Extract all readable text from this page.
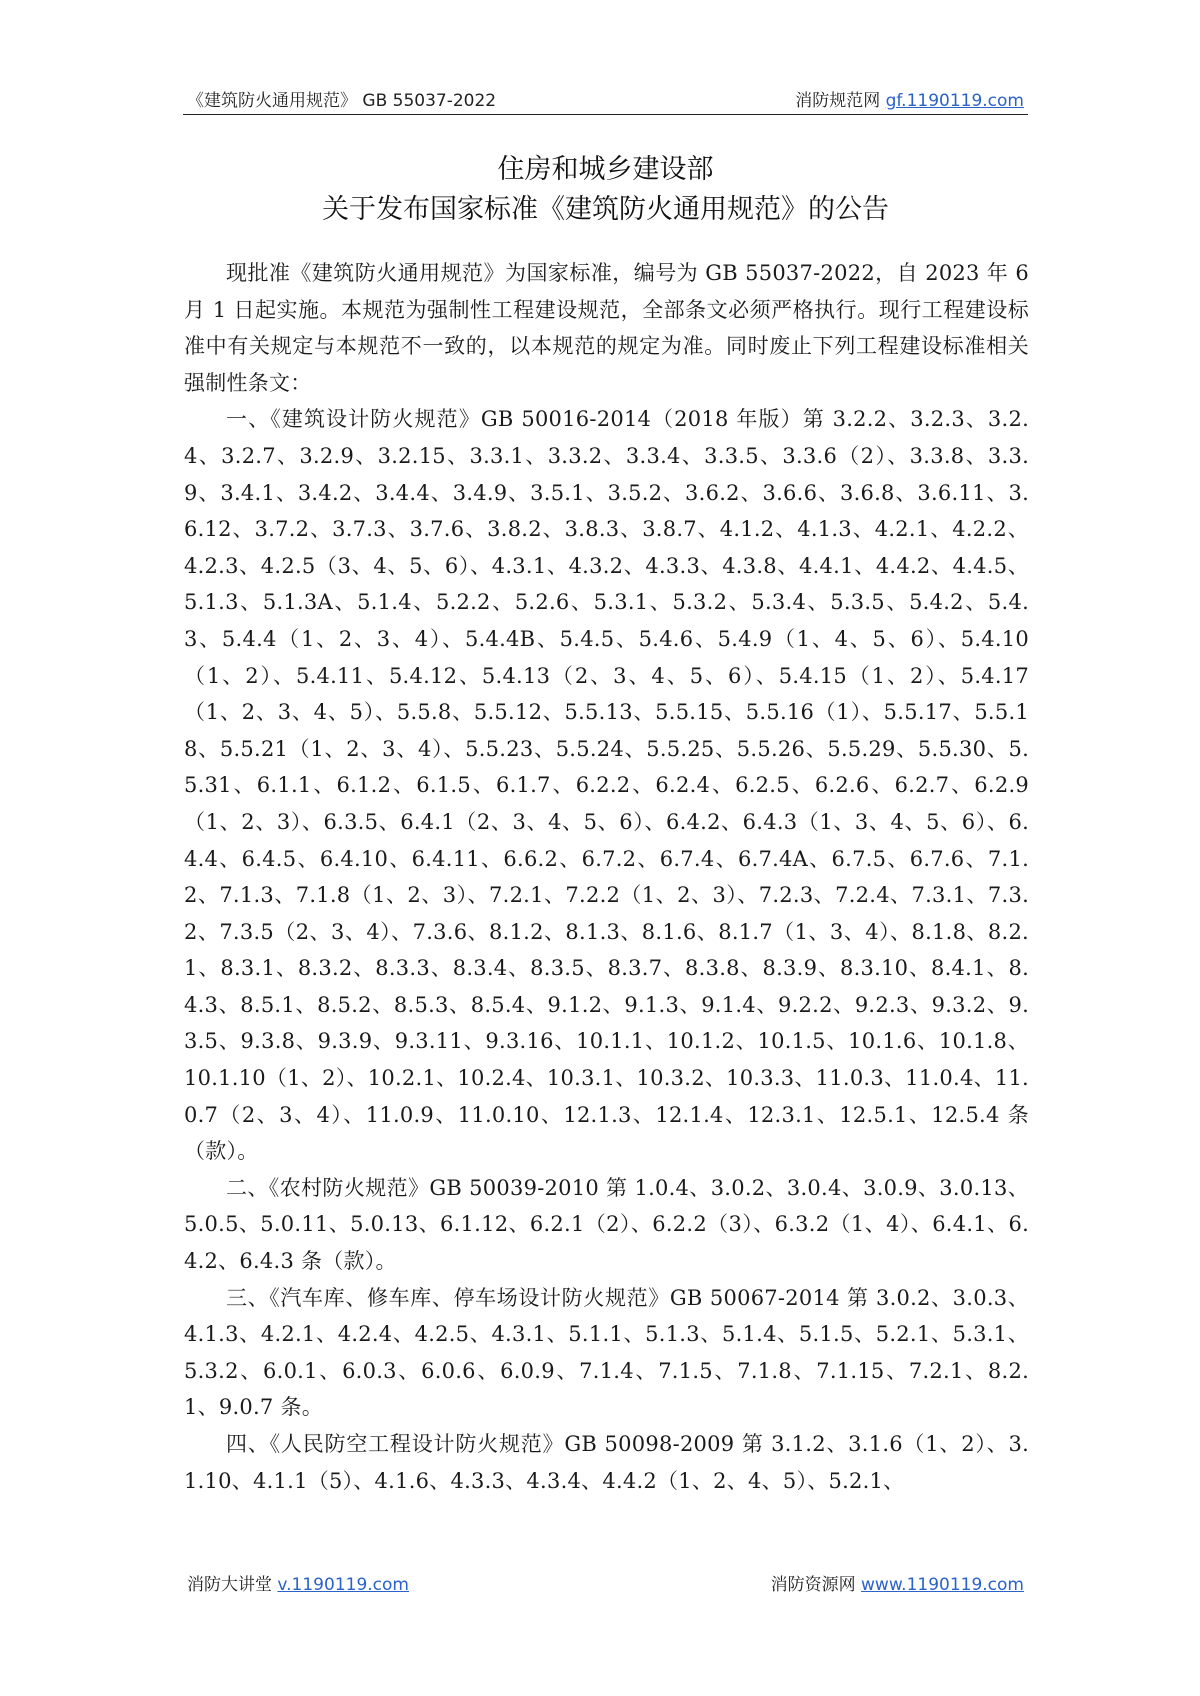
《建筑防火通用规范》 GB 55037-2022	消防规范网 gf.1190119.com
住房和城乡建设部
关于发布国家标准《建筑防火通用规范》的公告

现批准《建筑防火通用规范》为国家标准，编号为 GB 55037-2022，自 2023 年 6 月 1 日起实施。本规范为强制性工程建设规范，全部条文必须严格执行。现行工程建设标准中有关规定与本规范不一致的，以本规范的规定为准。同时废止下列工程建设标准相关强制性条文：

一、《建筑设计防火规范》GB 50016-2014（2018 年版）第 3.2.2、3.2.3、3.2.4、3.2.7、3.2.9、3.2.15、3.3.1、3.3.2、3.3.4、3.3.5、3.3.6（2）、3.3.8、3.3.9、3.4.1、3.4.2、3.4.4、3.4.9、3.5.1、3.5.2、3.6.2、3.6.6、3.6.8、3.6.11、3.6.12、3.7.2、3.7.3、3.7.6、3.8.2、3.8.3、3.8.7、4.1.2、4.1.3、4.2.1、4.2.2、4.2.3、4.2.5（3、4、5、6）、4.3.1、4.3.2、4.3.3、4.3.8、4.4.1、4.4.2、4.4.5、5.1.3、5.1.3A、5.1.4、5.2.2、5.2.6、5.3.1、5.3.2、5.3.4、5.3.5、5.4.2、5.4.3、5.4.4（1、2、3、4）、5.4.4B、5.4.5、5.4.6、5.4.9（1、4、5、6）、5.4.10（1、2）、5.4.11、5.4.12、5.4.13（2、3、4、5、6）、5.4.15（1、2）、5.4.17（1、2、3、4、5）、5.5.8、5.5.12、5.5.13、5.5.15、5.5.16（1）、5.5.17、5.5.18、5.5.21（1、2、3、4）、5.5.23、5.5.24、5.5.25、5.5.26、5.5.29、5.5.30、5.5.31、6.1.1、6.1.2、6.1.5、6.1.7、6.2.2、6.2.4、6.2.5、6.2.6、6.2.7、6.2.9（1、2、3）、6.3.5、6.4.1（2、3、4、5、6）、6.4.2、6.4.3（1、3、4、5、6）、6.4.4、6.4.5、6.4.10、6.4.11、6.6.2、6.7.2、6.7.4、6.7.4A、6.7.5、6.7.6、7.1.2、7.1.3、7.1.8（1、2、3）、7.2.1、7.2.2（1、2、3）、7.2.3、7.2.4、7.3.1、7.3.2、7.3.5（2、3、4）、7.3.6、8.1.2、8.1.3、8.1.6、8.1.7（1、3、4）、8.1.8、8.2.1、8.3.1、8.3.2、8.3.3、8.3.4、8.3.5、8.3.7、8.3.8、8.3.9、8.3.10、8.4.1、8.4.3、8.5.1、8.5.2、8.5.3、8.5.4、9.1.2、9.1.3、9.1.4、9.2.2、9.2.3、9.3.2、9.3.5、9.3.8、9.3.9、9.3.11、9.3.16、10.1.1、10.1.2、10.1.5、10.1.6、10.1.8、10.1.10（1、2）、10.2.1、10.2.4、10.3.1、10.3.2、10.3.3、11.0.3、11.0.4、11.0.7（2、3、4）、11.0.9、11.0.10、12.1.3、12.1.4、12.3.1、12.5.1、12.5.4 条（款）。

二、《农村防火规范》GB 50039-2010 第 1.0.4、3.0.2、3.0.4、3.0.9、3.0.13、5.0.5、5.0.11、5.0.13、6.1.12、6.2.1（2）、6.2.2（3）、6.3.2（1、4）、6.4.1、6.4.2、6.4.3 条（款）。

三、《汽车库、修车库、停车场设计防火规范》GB 50067-2014 第 3.0.2、3.0.3、4.1.3、4.2.1、4.2.4、4.2.5、4.3.1、5.1.1、5.1.3、5.1.4、5.1.5、5.2.1、5.3.1、5.3.2、6.0.1、6.0.3、6.0.6、6.0.9、7.1.4、7.1.5、7.1.8、7.1.15、7.2.1、8.2.1、9.0.7 条。

四、《人民防空工程设计防火规范》GB 50098-2009 第 3.1.2、3.1.6（1、2）、3.1.10、4.1.1（5）、4.1.6、4.3.3、4.3.4、4.4.2（1、2、4、5）、5.2.1、

消防大讲堂 v.1190119.com	消防资源网 www.1190119.com
